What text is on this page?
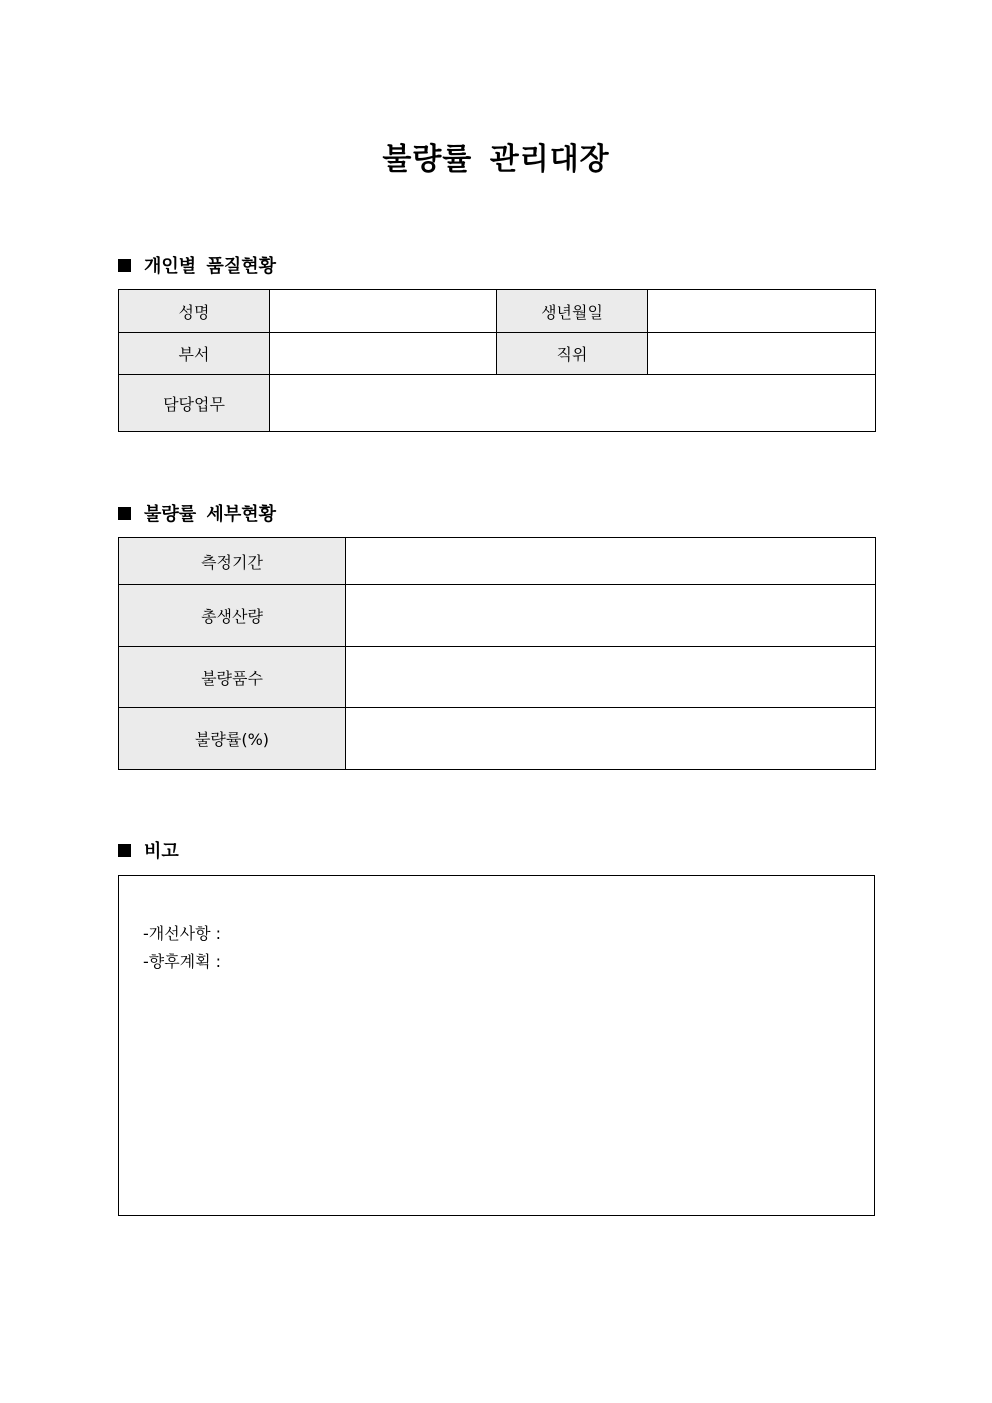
불량률 관리대장
개인별 품질현황
성명		생년월일	
부서		직위	
담당업무			
불량률 세부현황
측정기간	
총생산량	
불량품수	
불량률(%)	
비고
-개선사항 :
-향후계획 :
